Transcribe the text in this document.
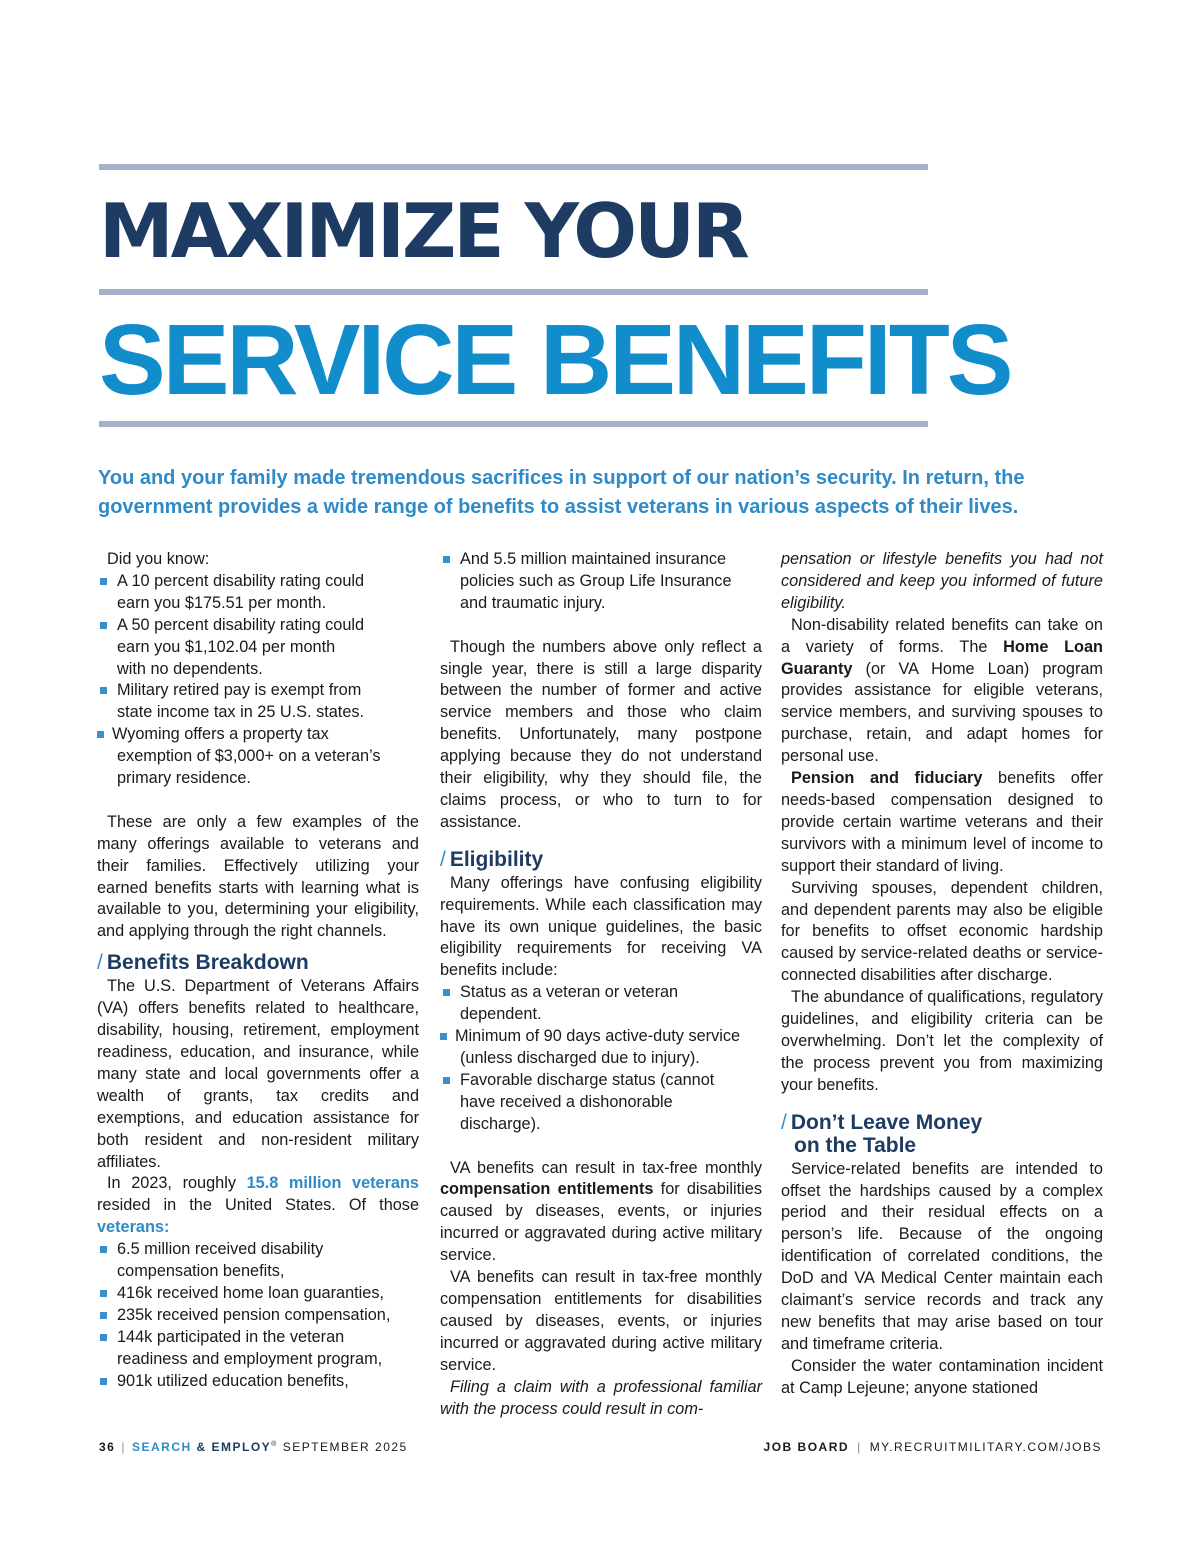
MAXIMIZE YOUR
SERVICE BENEFITS
You and your family made tremendous sacrifices in support of our nation’s security. In return, the government provides a wide range of benefits to assist veterans in various aspects of their lives.

Did you know:

A 10 percent disability rating could
earn you $175.51 per month.
A 50 percent disability rating could
earn you $1,102.04 per month
with no dependents.
Military retired pay is exempt from
state income tax in 25 U.S. states.
Wyoming offers a property tax
exemption of $3,000+ on a veteran’s
primary residence.

These are only a few examples of the many offerings available to veterans and their families. Effectively utilizing your earned benefits starts with learning what is available to you, determining your eligibility, and applying through the right channels.

/ Benefits Breakdown

The U.S. Department of Veterans Affairs (VA) offers benefits related to healthcare, disability, housing, retirement, employment readiness, education, and insurance, while many state and local governments offer a wealth of grants, tax credits and exemptions, and education assistance for both resident and non-resident military affiliates.

In 2023, roughly 15.8 million veterans resided in the United States. Of those veterans:

6.5 million received disability
compensation benefits,
416k received home loan guaranties,
235k received pension compensation,
144k participated in the veteran
readiness and employment program,
901k utilized education benefits,
And 5.5 million maintained insurance
policies such as Group Life Insurance
and traumatic injury.

Though the numbers above only reflect a single year, there is still a large disparity between the number of former and active service members and those who claim benefits. Unfortunately, many postpone applying because they do not understand their eligibility, why they should file, the claims process, or who to turn to for assistance.

/ Eligibility

Many offerings have confusing eligibility requirements. While each classification may have its own unique guidelines, the basic eligibility requirements for receiving VA benefits include:

Status as a veteran or veteran
dependent.
Minimum of 90 days active-duty service
(unless discharged due to injury).
Favorable discharge status (cannot
have received a dishonorable
discharge).

VA benefits can result in tax-free monthly compensation entitlements for disabilities caused by diseases, events, or injuries incurred or aggravated during active military service.

VA benefits can result in tax-free monthly compensation entitlements for disabilities caused by diseases, events, or injuries incurred or aggravated during active military service.

Filing a claim with a professional familiar with the process could result in com-

pensation or lifestyle benefits you had not considered and keep you informed of future eligibility.

Non-disability related benefits can take on a variety of forms. The Home Loan Guaranty (or VA Home Loan) program provides assistance for eligible veterans, service members, and surviving spouses to purchase, retain, and adapt homes for personal use.

Pension and fiduciary benefits offer needs-based compensation designed to provide certain wartime veterans and their survivors with a minimum level of income to support their standard of living.

Surviving spouses, dependent children, and dependent parents may also be eligible for benefits to offset economic hardship caused by service-related deaths or service-connected disabilities after discharge.

The abundance of qualifications, regulatory guidelines, and eligibility criteria can be overwhelming. Don’t let the complexity of the process prevent you from maximizing your benefits.

/ Don’t Leave Money
on the Table

Service-related benefits are intended to offset the hardships caused by a complex period and their residual effects on a person’s life. Because of the ongoing identification of correlated conditions, the DoD and VA Medical Center maintain each claimant’s service records and track any new benefits that may arise based on tour and timeframe criteria.

Consider the water contamination incident at Camp Lejeune; anyone stationed

36 | SEARCH & EMPLOY® SEPTEMBER 2025	JOB BOARD | MY.RECRUITMILITARY.COM/JOBS
